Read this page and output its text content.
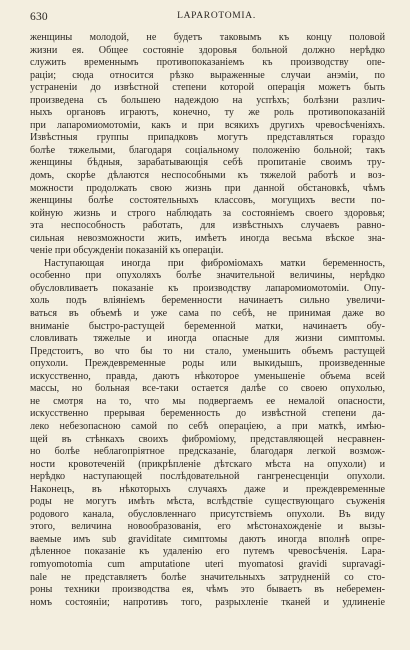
630	LAPAROTOMIA.
женщины молодой, не будетъ таковымъ къ концу половой
жизни ея. Общее состояніе здоровья больной должно нерѣдко
служить временнымъ противопоказаніемъ къ производству опе-
раціи; сюда относится рѣзко выраженные случаи анэміи, по
устраненіи до извѣстной степени которой операція можетъ быть
произведена съ большею надеждою на успѣхъ; болѣзни различ-
ныхъ органовъ играютъ, конечно, ту же роль противопоказаній
при лапаромиомотоміи, какъ и при всякихъ другихъ чревосѣченіяхъ.
Извѣстныя группы припадковъ могутъ представляться гораздо
болѣе тяжелыми, благодаря соціальному положенію больной; такъ
женщины бѣдныя, зарабатывающія себѣ пропитаніе своимъ тру-
домъ, скорѣе дѣлаются неспособными къ тяжелой работѣ и воз-
можности продолжать свою жизнь при данной обстановкѣ, чѣмъ
женщины болѣе состоятельныхъ классовъ, могущихъ вести по-
койную жизнь и строго наблюдать за состояніемъ своего здоровья;
эта неспособность работать, для извѣстныхъ случаевъ равно-
сильная невозможности жить, имѣетъ иногда весьма вѣское зна-
ченіе при обсужденіи показаній къ операціи.
Наступающая иногда при фибромiомахъ матки беременность,
особенно при опухоляхъ болѣе значительной величины, нерѣдко
обусловливаетъ показаніе къ производству лапаромиомотоміи. Опу-
холь подъ вліяніемъ беременности начинаетъ сильно увеличи-
ваться въ объемѣ и уже сама по себѣ, не принимая даже во
вниманіе быстро-растущей беременной матки, начинаетъ обу-
словливать тяжелые и иногда опасные для жизни симптомы.
Предстоитъ, во что бы то ни стало, уменьшить объемъ растущей
опухоли. Преждевременные роды или выкидышъ, произведенные
искусственно, правда, даютъ нѣкоторое уменьшеніе объема всей
массы, но больная все-таки остается далѣе со своею опухолью,
не смотря на то, что мы подвергаемъ ее немалой опасности,
искусственно прерывая беременность до извѣстной степени да-
леко небезопасною самой по себѣ операціею, а при маткѣ, имѣю-
щей въ стѣнкахъ своихъ фиброміому, представляющей несравнен-
но болѣе неблагопріятное предсказаніе, благодаря легкой возмож-
ности кровотеченій (прикрѣпленіе дѣтскаго мѣста на опухоли) и
нерѣдко наступающей послѣдовательной гангренесценціи опухоли.
Наконецъ, въ нѣкоторыхъ случаяхъ даже и преждевременные
роды не могутъ имѣть мѣста, вслѣдствіе существующаго съуженія
родового канала, обусловленнаго присутствіемъ опухоли. Въ виду
этого, величина новообразованія, его мѣстонахожденіе и вызы-
ваемые имъ sub graviditate симптомы даютъ иногда вполнѣ опре-
дѣленное показаніе къ удаленію его путемъ чревосѣченія. Lapa-
romyomotomia cum amputatione uteri myomatosi gravidi supravagi-
nale не представляетъ болѣе значительныхъ затрудненій со сто-
роны техники производства ея, чѣмъ это бываетъ въ неберемен-
номъ состояніи; напротивъ того, разрыхленіе тканей и удлиненіе
